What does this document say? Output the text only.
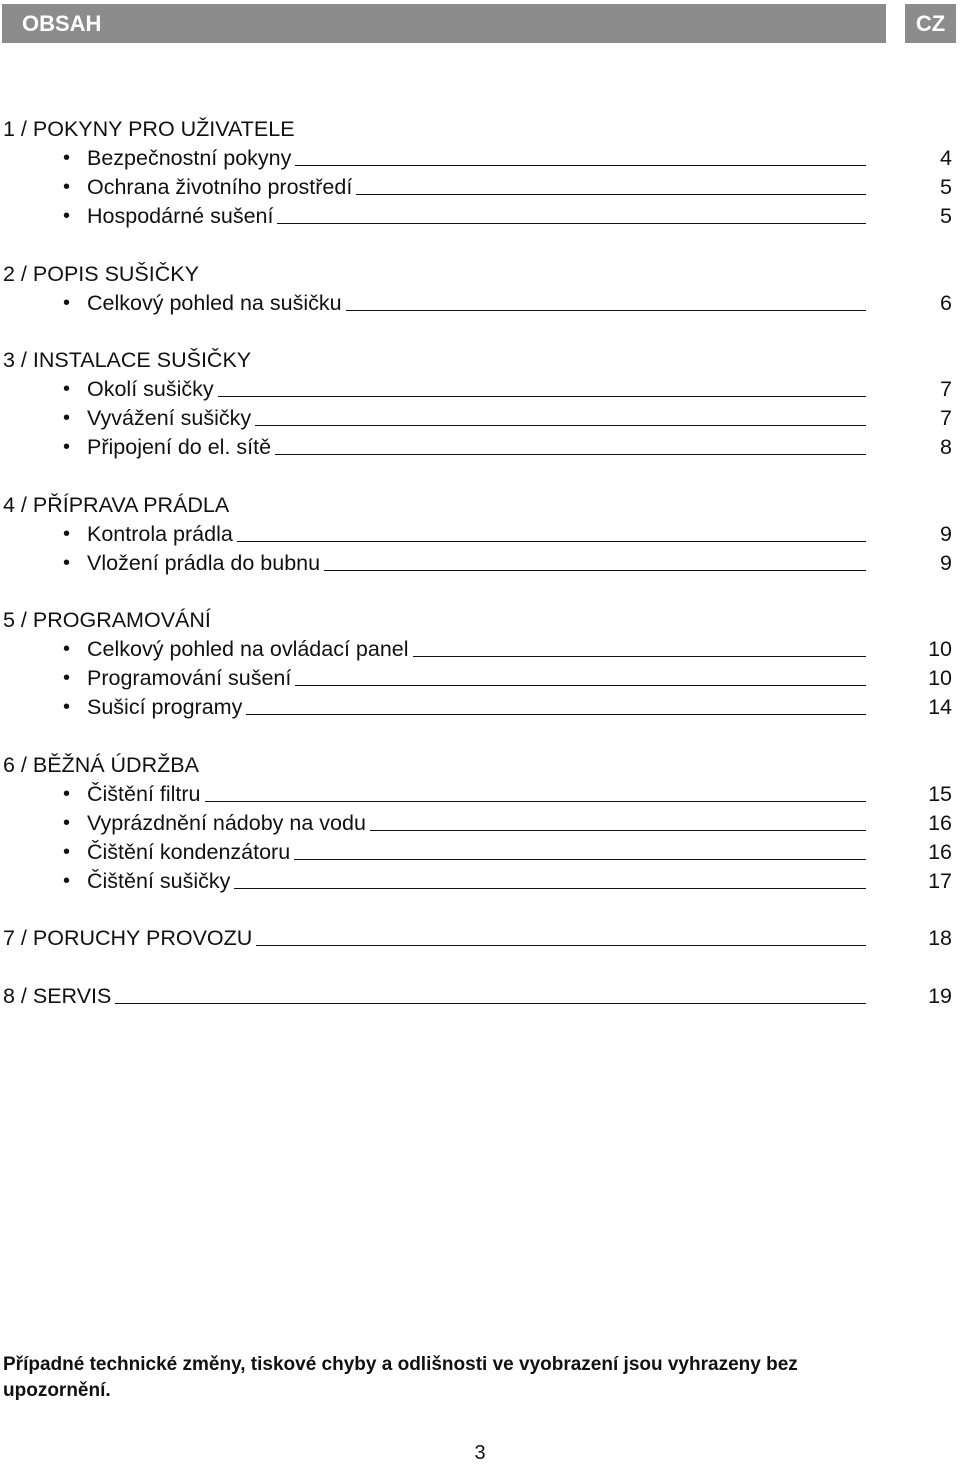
OBSAH	CZ
1 / POKYNY PRO UŽIVATELE
• Bezpečnostní pokyny	4
• Ochrana životního prostředí	5
• Hospodárné sušení	5
2 / POPIS SUŠIČKY
• Celkový pohled na sušičku	6
3 / INSTALACE SUŠIČKY
• Okolí sušičky	7
• Vyvážení sušičky	7
• Připojení do el. sítě	8
4 / PŘÍPRAVA PRÁDLA
• Kontrola prádla	9
• Vložení prádla do bubnu	9
5 / PROGRAMOVÁNÍ
• Celkový pohled na ovládací panel	10
• Programování sušení	10
• Sušicí programy	14
6 / BĚŽNÁ ÚDRŽBA
• Čištění filtru	15
• Vyprázdnění nádoby na vodu	16
• Čištění kondenzátoru	16
• Čištění sušičky	17
7 / PORUCHY PROVOZU	18
8 / SERVIS	19

Případné technické změny, tiskové chyby a odlišnosti ve vyobrazení jsou vyhrazeny bez upozornění.

3
